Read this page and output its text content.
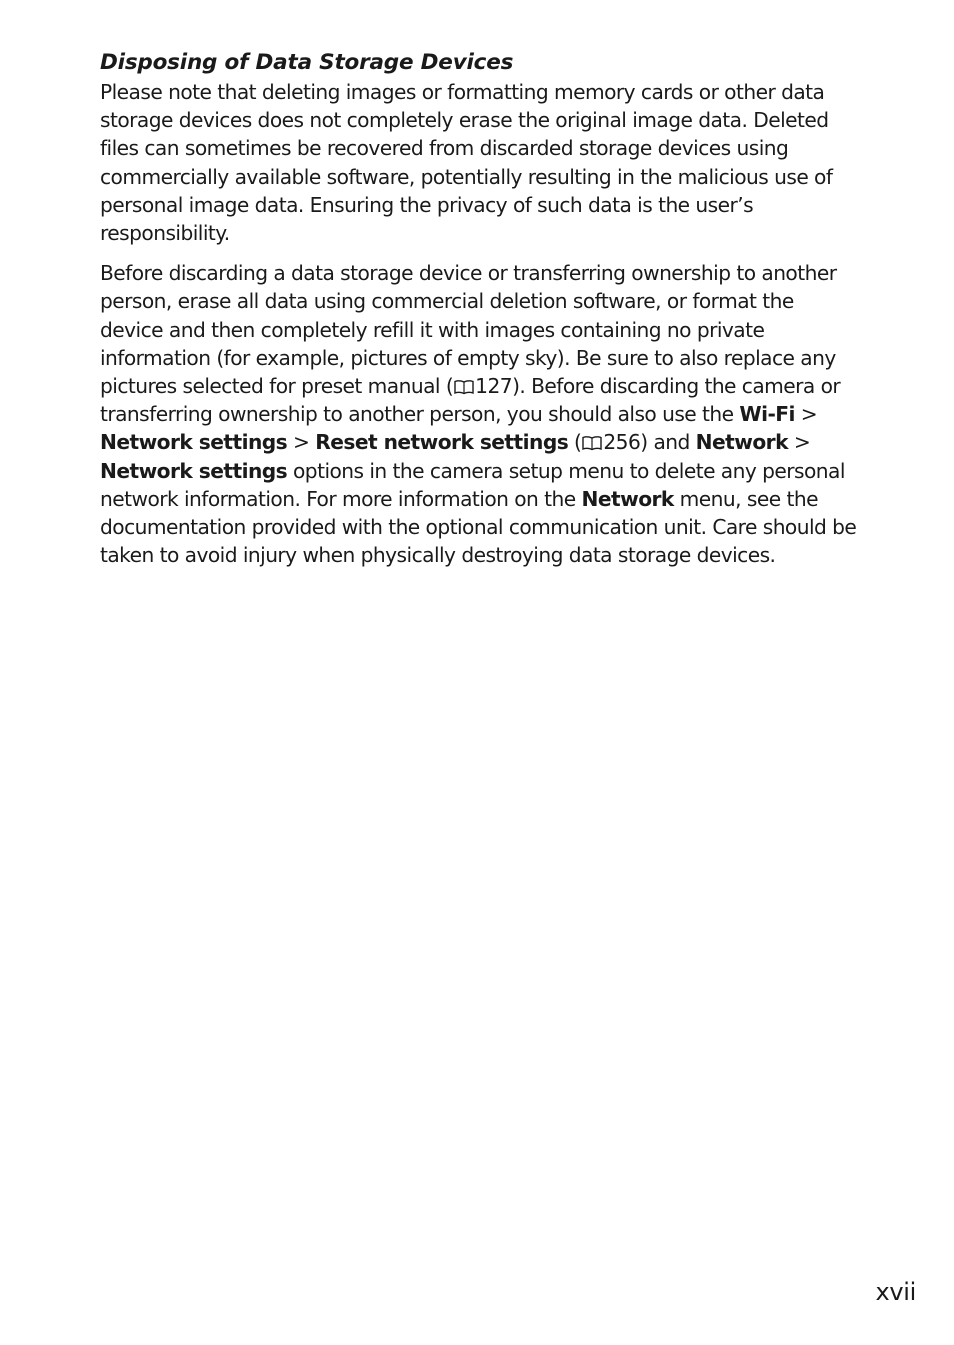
Disposing of Data Storage Devices

Please note that deleting images or formatting memory cards or other data storage devices does not completely erase the original image data. Deleted files can sometimes be recovered from discarded storage devices using commercially available software, potentially resulting in the malicious use of personal image data. Ensuring the privacy of such data is the user’s responsibility.

Before discarding a data storage device or transferring ownership to another person, erase all data using commercial deletion software, or format the device and then completely refill it with images containing no private information (for example, pictures of empty sky). Be sure to also replace any pictures selected for preset manual ( 127). Before discarding the camera or transferring ownership to another person, you should also use the Wi-Fi > Network settings > Reset network settings ( 256) and Network > Network settings options in the camera setup menu to delete any personal network information. For more information on the Network menu, see the documentation provided with the optional communication unit. Care should be taken to avoid injury when physically destroying data storage devices.

xvii
